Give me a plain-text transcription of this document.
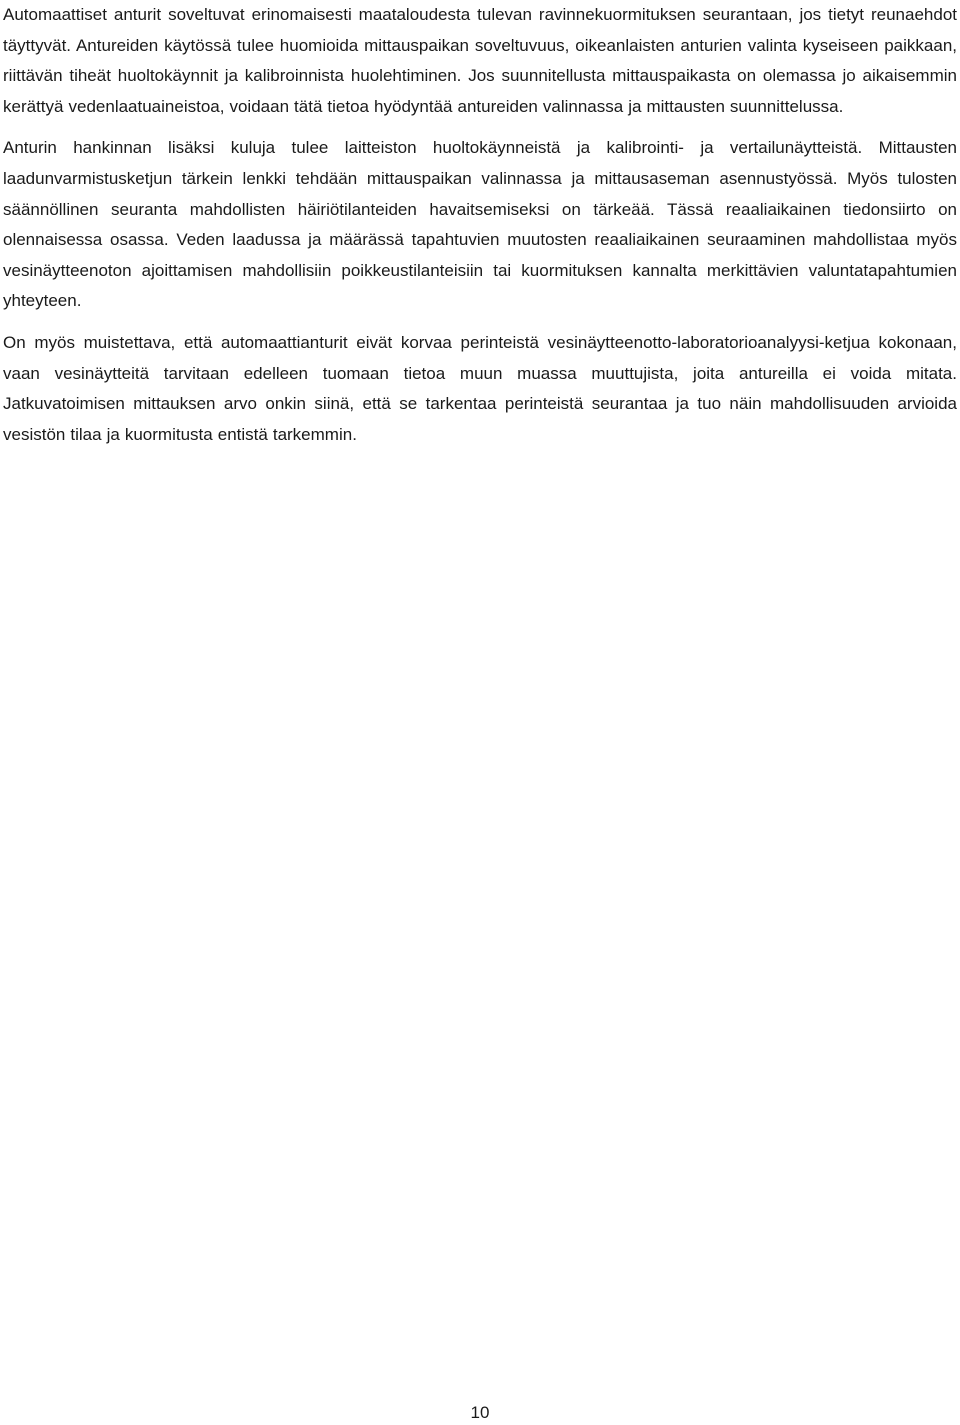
Automaattiset anturit soveltuvat erinomaisesti maataloudesta tulevan ravinnekuormituksen seurantaan, jos tietyt reunaehdot täyttyvät. Antureiden käytössä tulee huomioida mittauspaikan soveltuvuus, oikeanlaisten anturien valinta kyseiseen paikkaan, riittävän tiheät huoltokäynnit ja kalibroinnista huolehtiminen. Jos suunnitellusta mittauspaikasta on olemassa jo aikaisemmin kerättyä vedenlaatuaineistoa, voidaan tätä tietoa hyödyntää antureiden valinnassa ja mittausten suunnittelussa.

Anturin hankinnan lisäksi kuluja tulee laitteiston huoltokäynneistä ja kalibrointi- ja vertailunäytteistä. Mittausten laadunvarmistusketjun tärkein lenkki tehdään mittauspaikan valinnassa ja mittausaseman asennustyössä. Myös tulosten säännöllinen seuranta mahdollisten häiriötilanteiden havaitsemiseksi on tärkeää. Tässä reaaliaikainen tiedonsiirto on olennaisessa osassa. Veden laadussa ja määrässä tapahtuvien muutosten reaaliaikainen seuraaminen mahdollistaa myös vesinäytteenoton ajoittamisen mahdollisiin poikkeustilanteisiin tai kuormituksen kannalta merkittävien valuntatapahtumien yhteyteen.

On myös muistettava, että automaattianturit eivät korvaa perinteistä vesinäytteenotto-laboratorioanalyysi-ketjua kokonaan, vaan vesinäytteitä tarvitaan edelleen tuomaan tietoa muun muassa muuttujista, joita antureilla ei voida mitata. Jatkuvatoimisen mittauksen arvo onkin siinä, että se tarkentaa perinteistä seurantaa ja tuo näin mahdollisuuden arvioida vesistön tilaa ja kuormitusta entistä tarkemmin.

10
